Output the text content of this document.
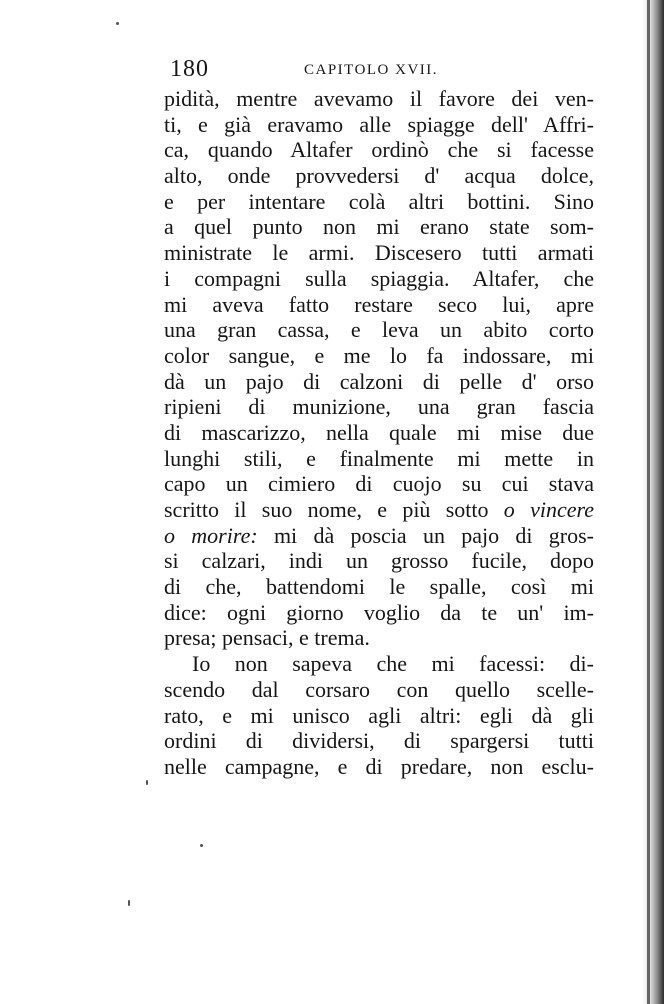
180	CAPITOLO XVII.
pidità, mentre avevamo il favore dei ven-
ti, e già eravamo alle spiagge dell' Affri-
ca, quando Altafer ordinò che si facesse
alto, onde provvedersi d' acqua dolce,
e per intentare colà altri bottini. Sino
a quel punto non mi erano state som-
ministrate le armi. Discesero tutti armati
i compagni sulla spiaggia. Altafer, che
mi aveva fatto restare seco lui, apre
una gran cassa, e leva un abito corto
color sangue, e me lo fa indossare, mi
dà un pajo di calzoni di pelle d' orso
ripieni di munizione, una gran fascia
di mascarizzo, nella quale mi mise due
lunghi stili, e finalmente mi mette in
capo un cimiero di cuojo su cui stava
scritto il suo nome, e più sotto o vincere
o morire: mi dà poscia un pajo di gros-
si calzari, indi un grosso fucile, dopo
di che, battendomi le spalle, così mi
dice: ogni giorno voglio da te un' im-
presa; pensaci, e trema.
Io non sapeva che mi facessi: di-
scendo dal corsaro con quello scelle-
rato, e mi unisco agli altri: egli dà gli
ordini di dividersi, di spargersi tutti
nelle campagne, e di predare, non esclu-
